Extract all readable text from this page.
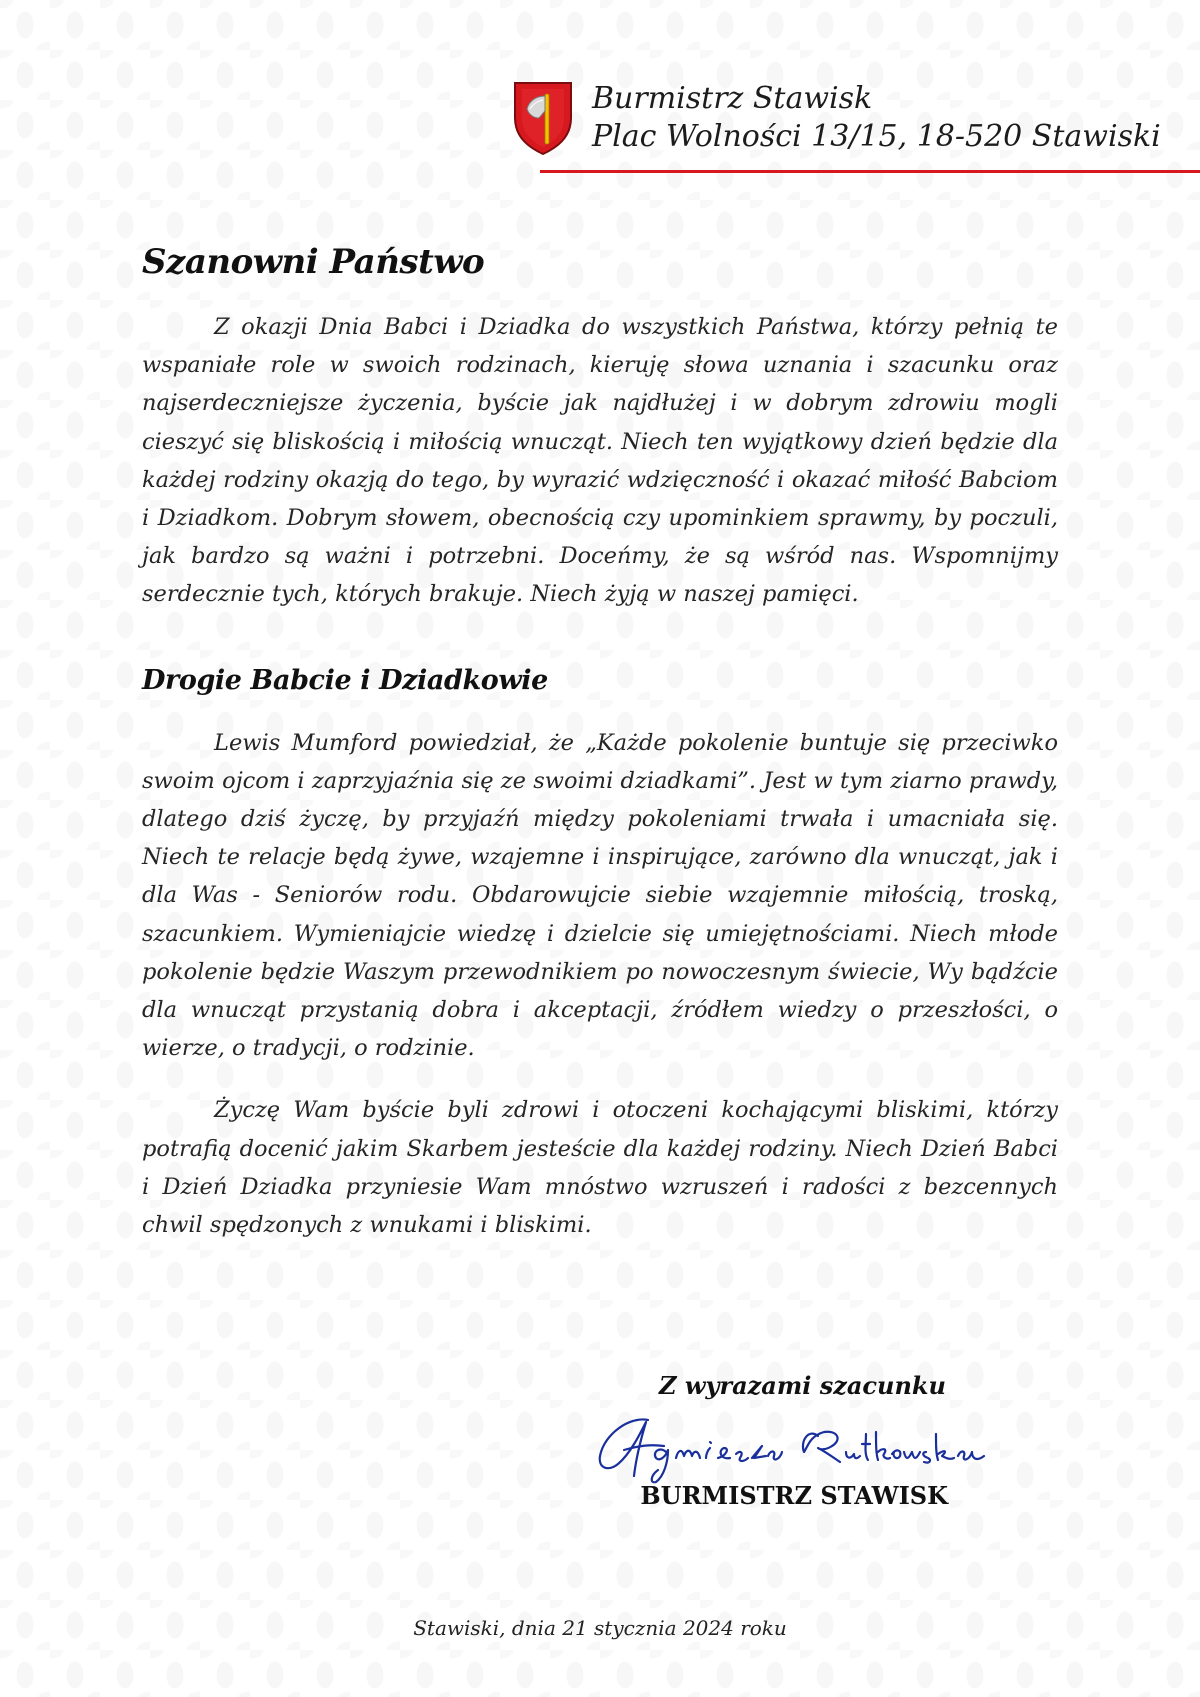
Burmistrz Stawisk
Plac Wolności 13/15, 18-520 Stawiski
Szanowni Państwo

Z okazji Dnia Babci i Dziadka do wszystkich Państwa, którzy pełnią te wspaniałe role w swoich rodzinach, kieruję słowa uznania i szacunku oraz najserdeczniejsze życzenia, byście jak najdłużej i w dobrym zdrowiu mogli cieszyć się bliskością i miłością wnucząt. Niech ten wyjątkowy dzień będzie dla każdej rodziny okazją do tego, by wyrazić wdzięczność i okazać miłość Babciom i Dziadkom. Dobrym słowem, obecnością czy upominkiem sprawmy, by poczuli, jak bardzo są ważni i potrzebni. Doceńmy, że są wśród nas. Wspomnijmy serdecznie tych, których brakuje. Niech żyją w naszej pamięci.

Drogie Babcie i Dziadkowie

Lewis Mumford powiedział, że „Każde pokolenie buntuje się przeciwko swoim ojcom i zaprzyjaźnia się ze swoimi dziadkami”. Jest w tym ziarno prawdy, dlatego dziś życzę, by przyjaźń między pokoleniami trwała i umacniała się. Niech te relacje będą żywe, wzajemne i inspirujące, zarówno dla wnucząt, jak i dla Was - Seniorów rodu. Obdarowujcie siebie wzajemnie miłością, troską, szacunkiem. Wymieniajcie wiedzę i dzielcie się umiejętnościami. Niech młode pokolenie będzie Waszym przewodnikiem po nowoczesnym świecie, Wy bądźcie dla wnucząt przystanią dobra i akceptacji, źródłem wiedzy o przeszłości, o wierze, o tradycji, o rodzinie.

Życzę Wam byście byli zdrowi i otoczeni kochającymi bliskimi, którzy potrafią docenić jakim Skarbem jesteście dla każdej rodziny. Niech Dzień Babci i Dzień Dziadka przyniesie Wam mnóstwo wzruszeń i radości z bezcennych chwil spędzonych z wnukami i bliskimi.

Z wyrazami szacunku
BURMISTRZ STAWISK
Stawiski, dnia 21 stycznia 2024 roku
